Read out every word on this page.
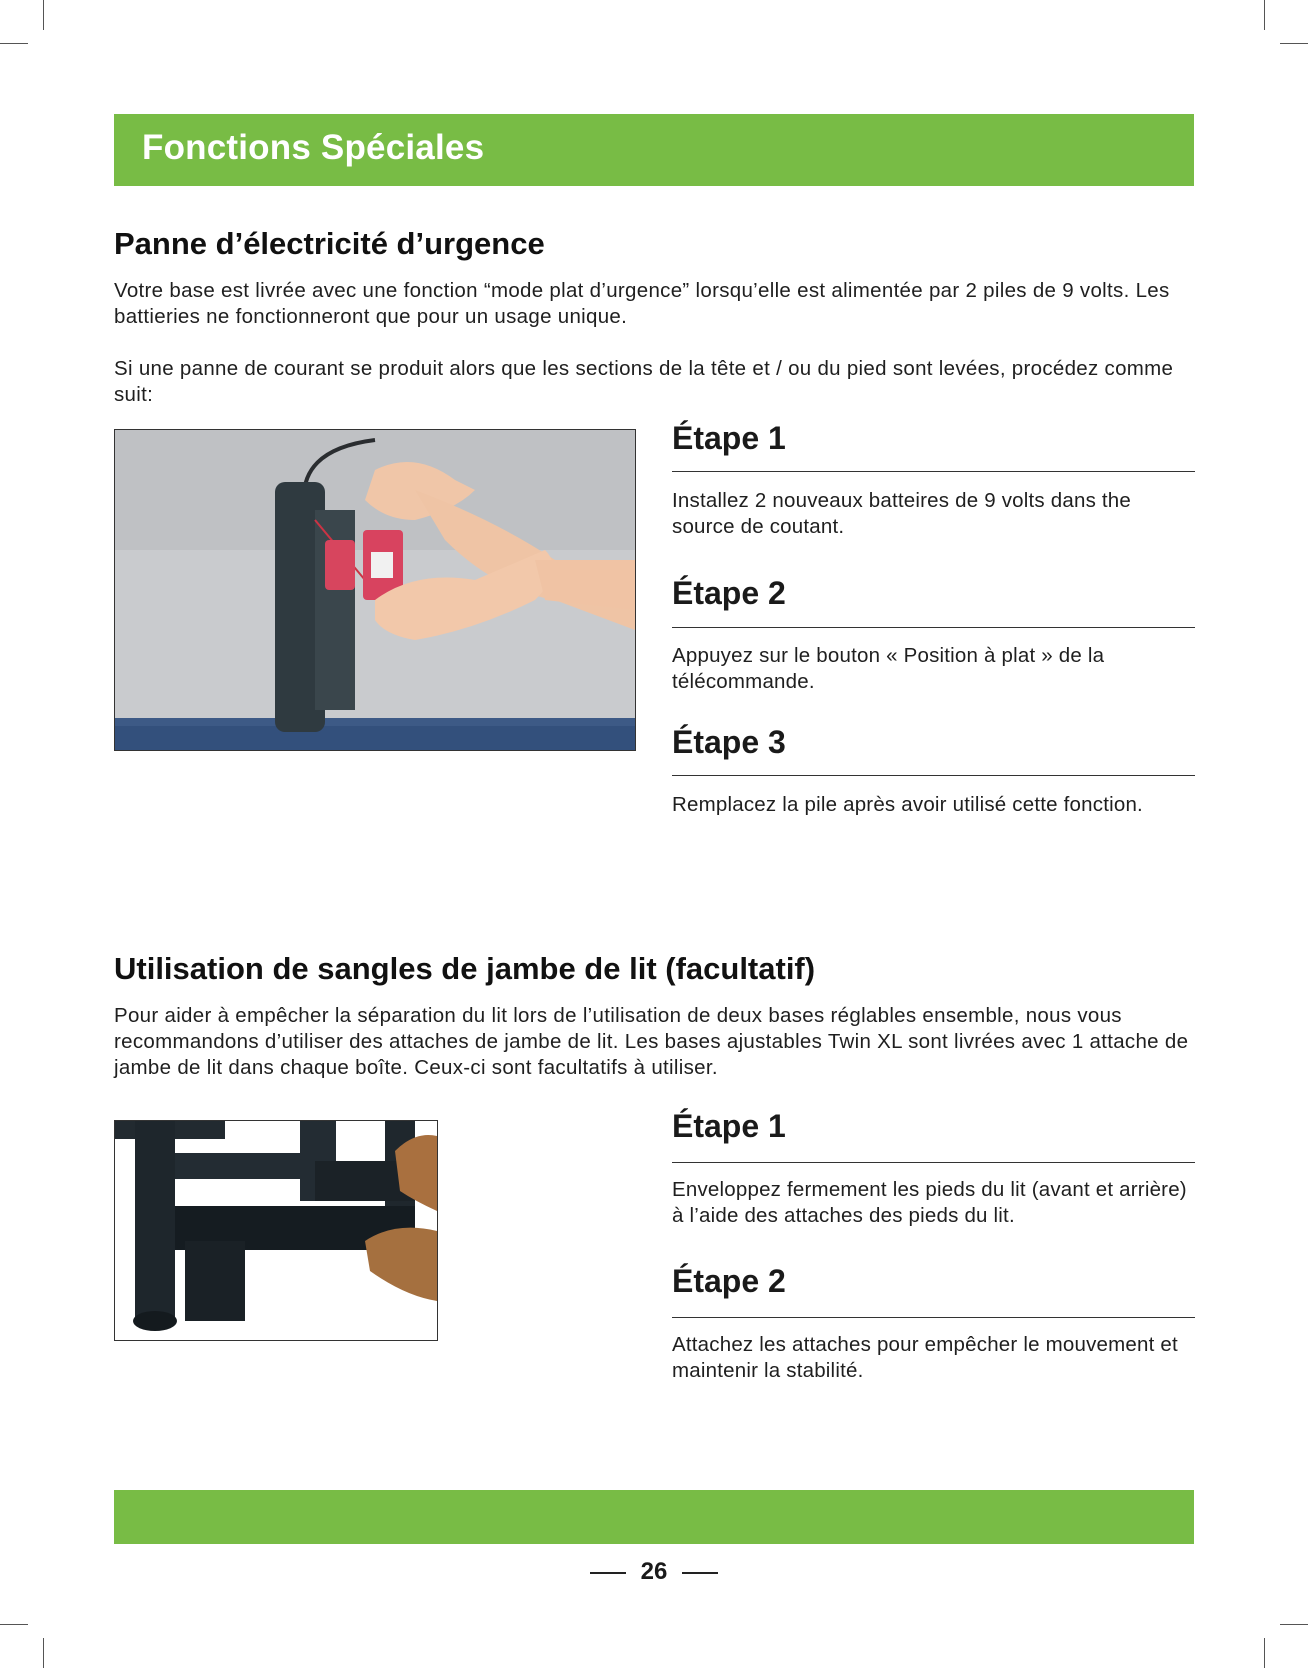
Fonctions Spéciales
Panne d’électricité d’urgence
Votre base est livrée avec une fonction “mode plat d’urgence” lorsqu’elle est alimentée par 2 piles de 9 volts. Les battieries ne fonctionneront que pour un usage unique.
Si une panne de courant se produit alors que les sections de la tête et / ou du pied sont levées, procédez comme suit:
Étape 1
Installez 2 nouveaux batteires de 9 volts dans the source de coutant.
Étape 2
Appuyez sur le bouton « Position à plat » de la télécommande.
Étape 3
Remplacez la pile après avoir utilisé cette fonction.
Utilisation de sangles de jambe de lit (facultatif)
Pour aider à empêcher la séparation du lit lors de l’utilisation de deux bases réglables ensemble, nous vous recommandons d’utiliser des attaches de jambe de lit. Les bases ajustables Twin XL sont livrées avec 1 attache de jambe de lit dans chaque boîte. Ceux-ci sont facultatifs à utiliser.
Étape 1
Enveloppez fermement les pieds du lit (avant et arrière) à l’aide des attaches des pieds du lit.
Étape 2
Attachez les attaches pour empêcher le mouvement et maintenir la stabilité.
26
